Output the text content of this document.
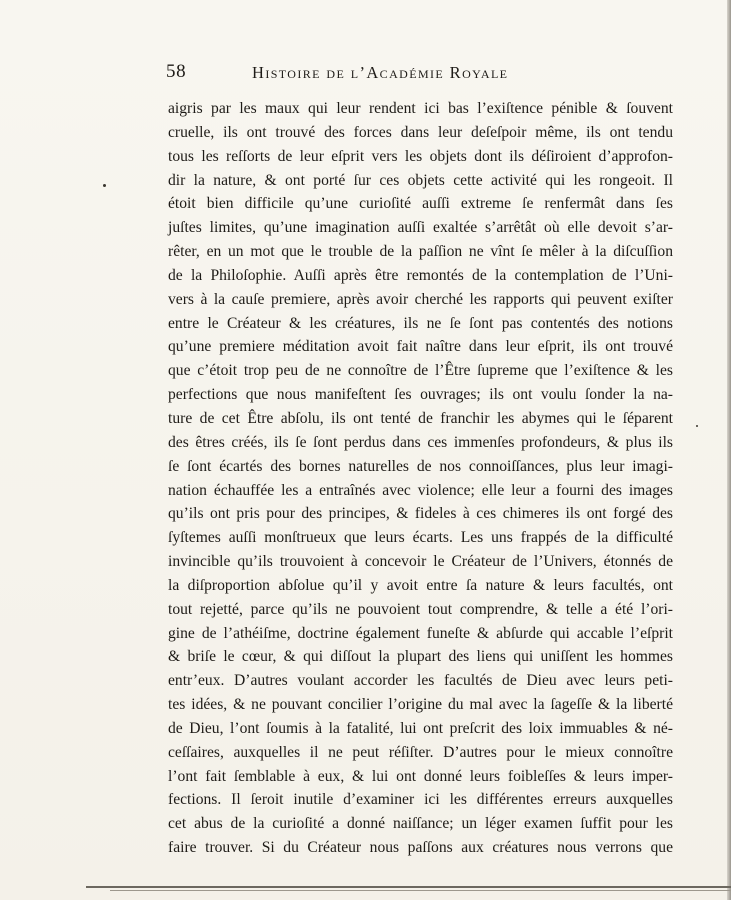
58	Histoire de l’Académie Royale
aigris par les maux qui leur rendent ici bas l’exiſtence pénible & ſouvent
cruelle, ils ont trouvé des forces dans leur deſeſpoir même, ils ont tendu
tous les reſſorts de leur eſprit vers les objets dont ils déſiroient d’approfon-
dir la nature, & ont porté ſur ces objets cette activité qui les rongeoit. Il
étoit bien difficile qu’une curioſité auſſi extreme ſe renfermât dans ſes
juſtes limites, qu’une imagination auſſi exaltée s’arrêtât où elle devoit s’ar-
rêter, en un mot que le trouble de la paſſion ne vînt ſe mêler à la diſcuſſion
de la Philoſophie. Auſſi après être remontés de la contemplation de l’Uni-
vers à la cauſe premiere, après avoir cherché les rapports qui peuvent exiſter
entre le Créateur & les créatures, ils ne ſe ſont pas contentés des notions
qu’une premiere méditation avoit fait naître dans leur eſprit, ils ont trouvé
que c’étoit trop peu de ne connoître de l’Être ſupreme que l’exiſtence & les
perfections que nous manifeſtent ſes ouvrages; ils ont voulu ſonder la na-
ture de cet Être abſolu, ils ont tenté de franchir les abymes qui le ſéparent
des êtres créés, ils ſe ſont perdus dans ces immenſes profondeurs, & plus ils
ſe ſont écartés des bornes naturelles de nos connoiſſances, plus leur imagi-
nation échauffée les a entraînés avec violence; elle leur a fourni des images
qu’ils ont pris pour des principes, & fideles à ces chimeres ils ont forgé des
ſyſtemes auſſi monſtrueux que leurs écarts. Les uns frappés de la difficulté
invincible qu’ils trouvoient à concevoir le Créateur de l’Univers, étonnés de
la diſproportion abſolue qu’il y avoit entre ſa nature & leurs facultés, ont
tout rejetté, parce qu’ils ne pouvoient tout comprendre, & telle a été l’ori-
gine de l’athéiſme, doctrine également funeſte & abſurde qui accable l’eſprit
& briſe le cœur, & qui diſſout la plupart des liens qui uniſſent les hommes
entr’eux. D’autres voulant accorder les facultés de Dieu avec leurs peti-
tes idées, & ne pouvant concilier l’origine du mal avec la ſageſſe & la liberté
de Dieu, l’ont ſoumis à la fatalité, lui ont preſcrit des loix immuables & né-
ceſſaires, auxquelles il ne peut réſiſter. D’autres pour le mieux connoître
l’ont fait ſemblable à eux, & lui ont donné leurs foibleſſes & leurs imper-
fections. Il ſeroit inutile d’examiner ici les différentes erreurs auxquelles
cet abus de la curioſité a donné naiſſance; un léger examen ſuffit pour les
faire trouver. Si du Créateur nous paſſons aux créatures nous verrons que
